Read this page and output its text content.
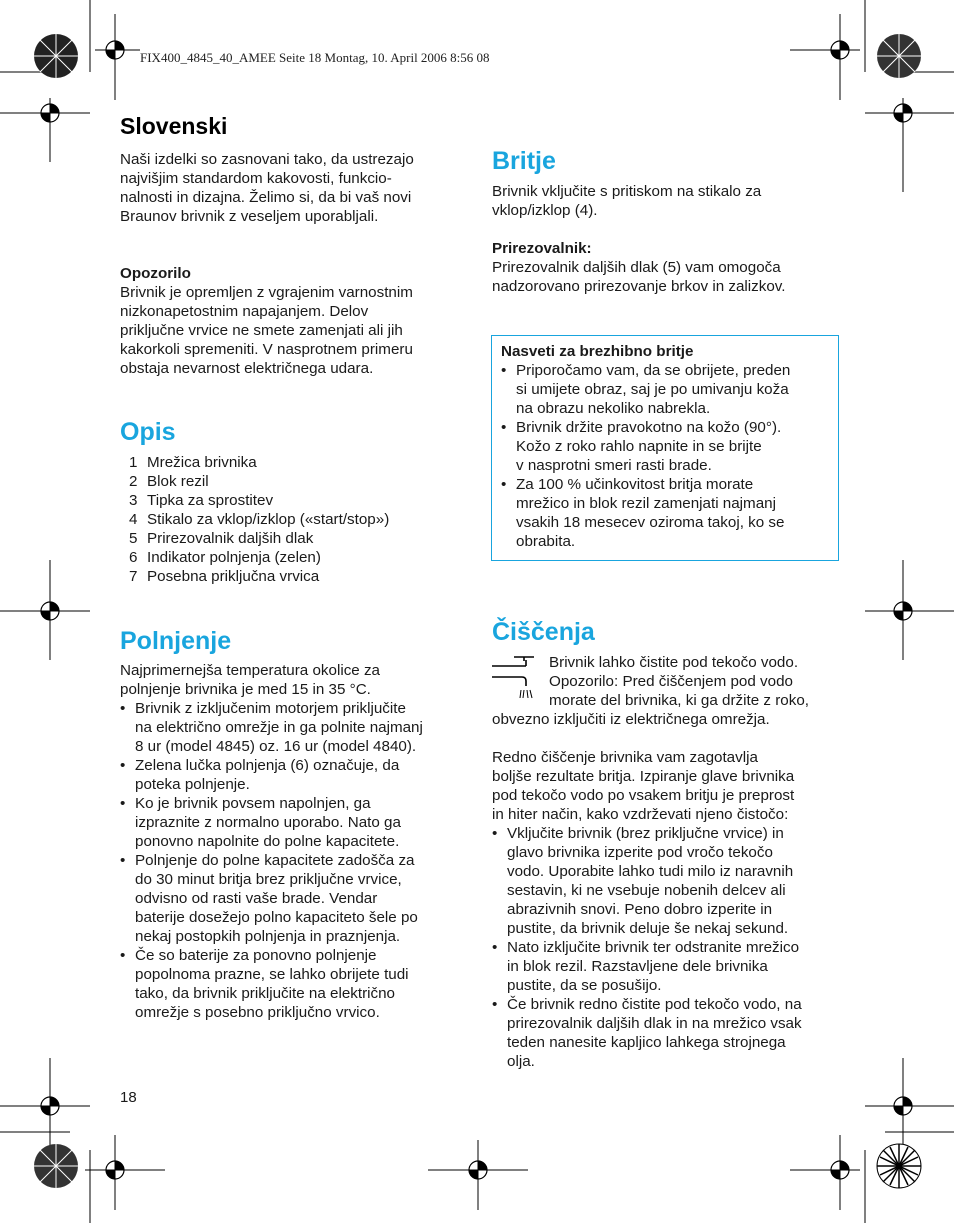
FIX400_4845_40_AMEE Seite 18 Montag, 10. April 2006 8:56 08
Slovenski
Naši izdelki so zasnovani tako, da ustrezajo
najvišjim standardom kakovosti, funkcio-
nalnosti in dizajna. Želimo si, da bi vaš novi
Braunov brivnik z veseljem uporabljali.
Opozorilo
Brivnik je opremljen z vgrajenim varnostnim
nizkonapetostnim napajanjem. Delov
priključne vrvice ne smete zamenjati ali jih
kakorkoli spremeniti. V nasprotnem primeru
obstaja nevarnost električnega udara.
Opis
1 Mrežica brivnika
2 Blok rezil
3 Tipka za sprostitev
4 Stikalo za vklop/izklop («start/stop»)
5 Prirezovalnik daljših dlak
6 Indikator polnjenja (zelen)
7 Posebna priključna vrvica
Polnjenje
Najprimernejša temperatura okolice za
polnjenje brivnika je med 15 in 35 °C.
• Brivnik z izključenim motorjem priključite
na električno omrežje in ga polnite najmanj
8 ur (model 4845) oz. 16 ur (model 4840).
• Zelena lučka polnjenja (6) označuje, da
poteka polnjenje.
• Ko je brivnik povsem napolnjen, ga
izpraznite z normalno uporabo. Nato ga
ponovno napolnite do polne kapacitete.
• Polnjenje do polne kapacitete zadošča za
do 30 minut britja brez priključne vrvice,
odvisno od rasti vaše brade. Vendar
baterije dosežejo polno kapaciteto šele po
nekaj postopkih polnjenja in praznjenja.
• Če so baterije za ponovno polnjenje
popolnoma prazne, se lahko obrijete tudi
tako, da brivnik priključite na električno
omrežje s posebno priključno vrvico.
18
Britje
Brivnik vključite s pritiskom na stikalo za
vklop/izklop (4).
Prirezovalnik:
Prirezovalnik daljših dlak (5) vam omogoča
nadzorovano prirezovanje brkov in zalizkov.
Nasveti za brezhibno britje
• Priporočamo vam, da se obrijete, preden
si umijete obraz, saj je po umivanju koža
na obrazu nekoliko nabrekla.
• Brivnik držite pravokotno na kožo (90°).
Kožo z roko rahlo napnite in se brijte
v nasprotni smeri rasti brade.
• Za 100 % učinkovitost britja morate
mrežico in blok rezil zamenjati najmanj
vsakih 18 mesecev oziroma takoj, ko se
obrabita.
Čiščenja
Brivnik lahko čistite pod tekočo vodo.
Opozorilo: Pred čiščenjem pod vodo
morate del brivnika, ki ga držite z roko,
obvezno izključiti iz električnega omrežja.
Redno čiščenje brivnika vam zagotavlja
boljše rezultate britja. Izpiranje glave brivnika
pod tekočo vodo po vsakem britju je preprost
in hiter način, kako vzdrževati njeno čistočo:
• Vključite brivnik (brez priključne vrvice) in
glavo brivnika izperite pod vročo tekočo
vodo. Uporabite lahko tudi milo iz naravnih
sestavin, ki ne vsebuje nobenih delcev ali
abrazivnih snovi. Peno dobro izperite in
pustite, da brivnik deluje še nekaj sekund.
• Nato izključite brivnik ter odstranite mrežico
in blok rezil. Razstavljene dele brivnika
pustite, da se posušijo.
• Če brivnik redno čistite pod tekočo vodo, na
prirezovalnik daljših dlak in na mrežico vsak
teden nanesite kapljico lahkega strojnega
olja.
